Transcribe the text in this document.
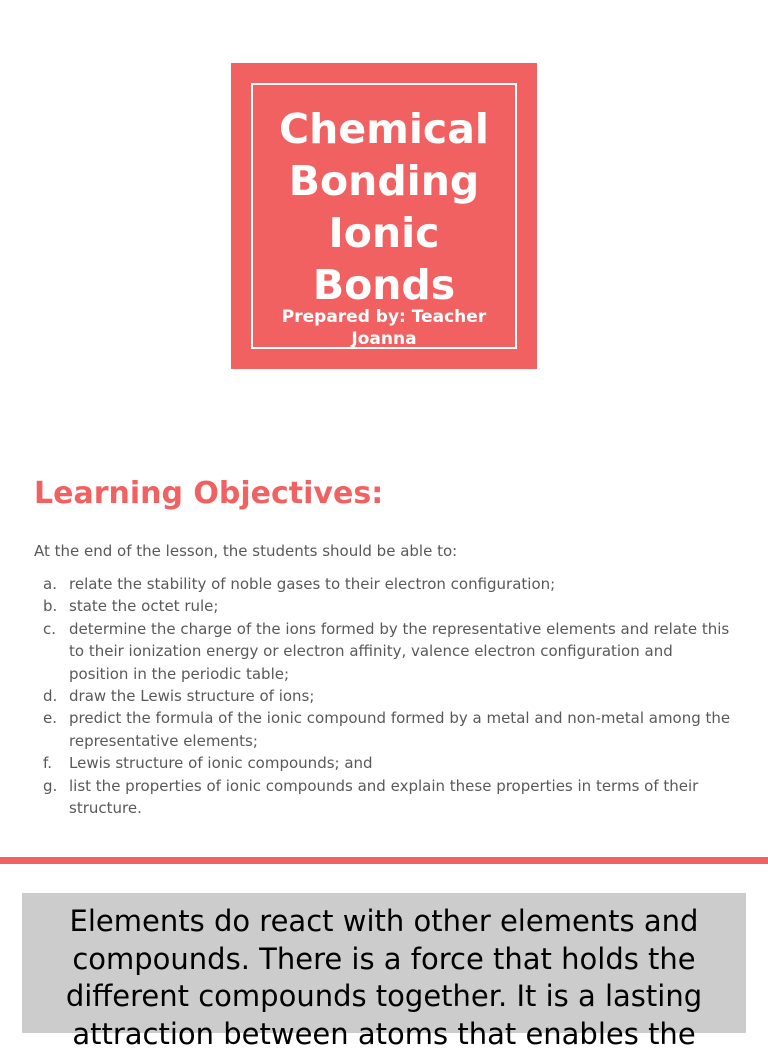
Chemical
Bonding
Ionic
Bonds
Prepared by: Teacher
Joanna
Learning Objectives:
At the end of the lesson, the students should be able to:
a. relate the stability of noble gases to their electron configuration;
b. state the octet rule;
c. determine the charge of the ions formed by the representative elements and relate this to their ionization energy or electron affinity, valence electron configuration and position in the periodic table;
d. draw the Lewis structure of ions;
e. predict the formula of the ionic compound formed by a metal and non-metal among the representative elements;
f.	Lewis structure of ionic compounds; and
g. list the properties of ionic compounds and explain these properties in terms of their structure.

Elements do react with other elements and compounds. There is a force that holds the different compounds together. It is a lasting attraction between atoms that enables the
